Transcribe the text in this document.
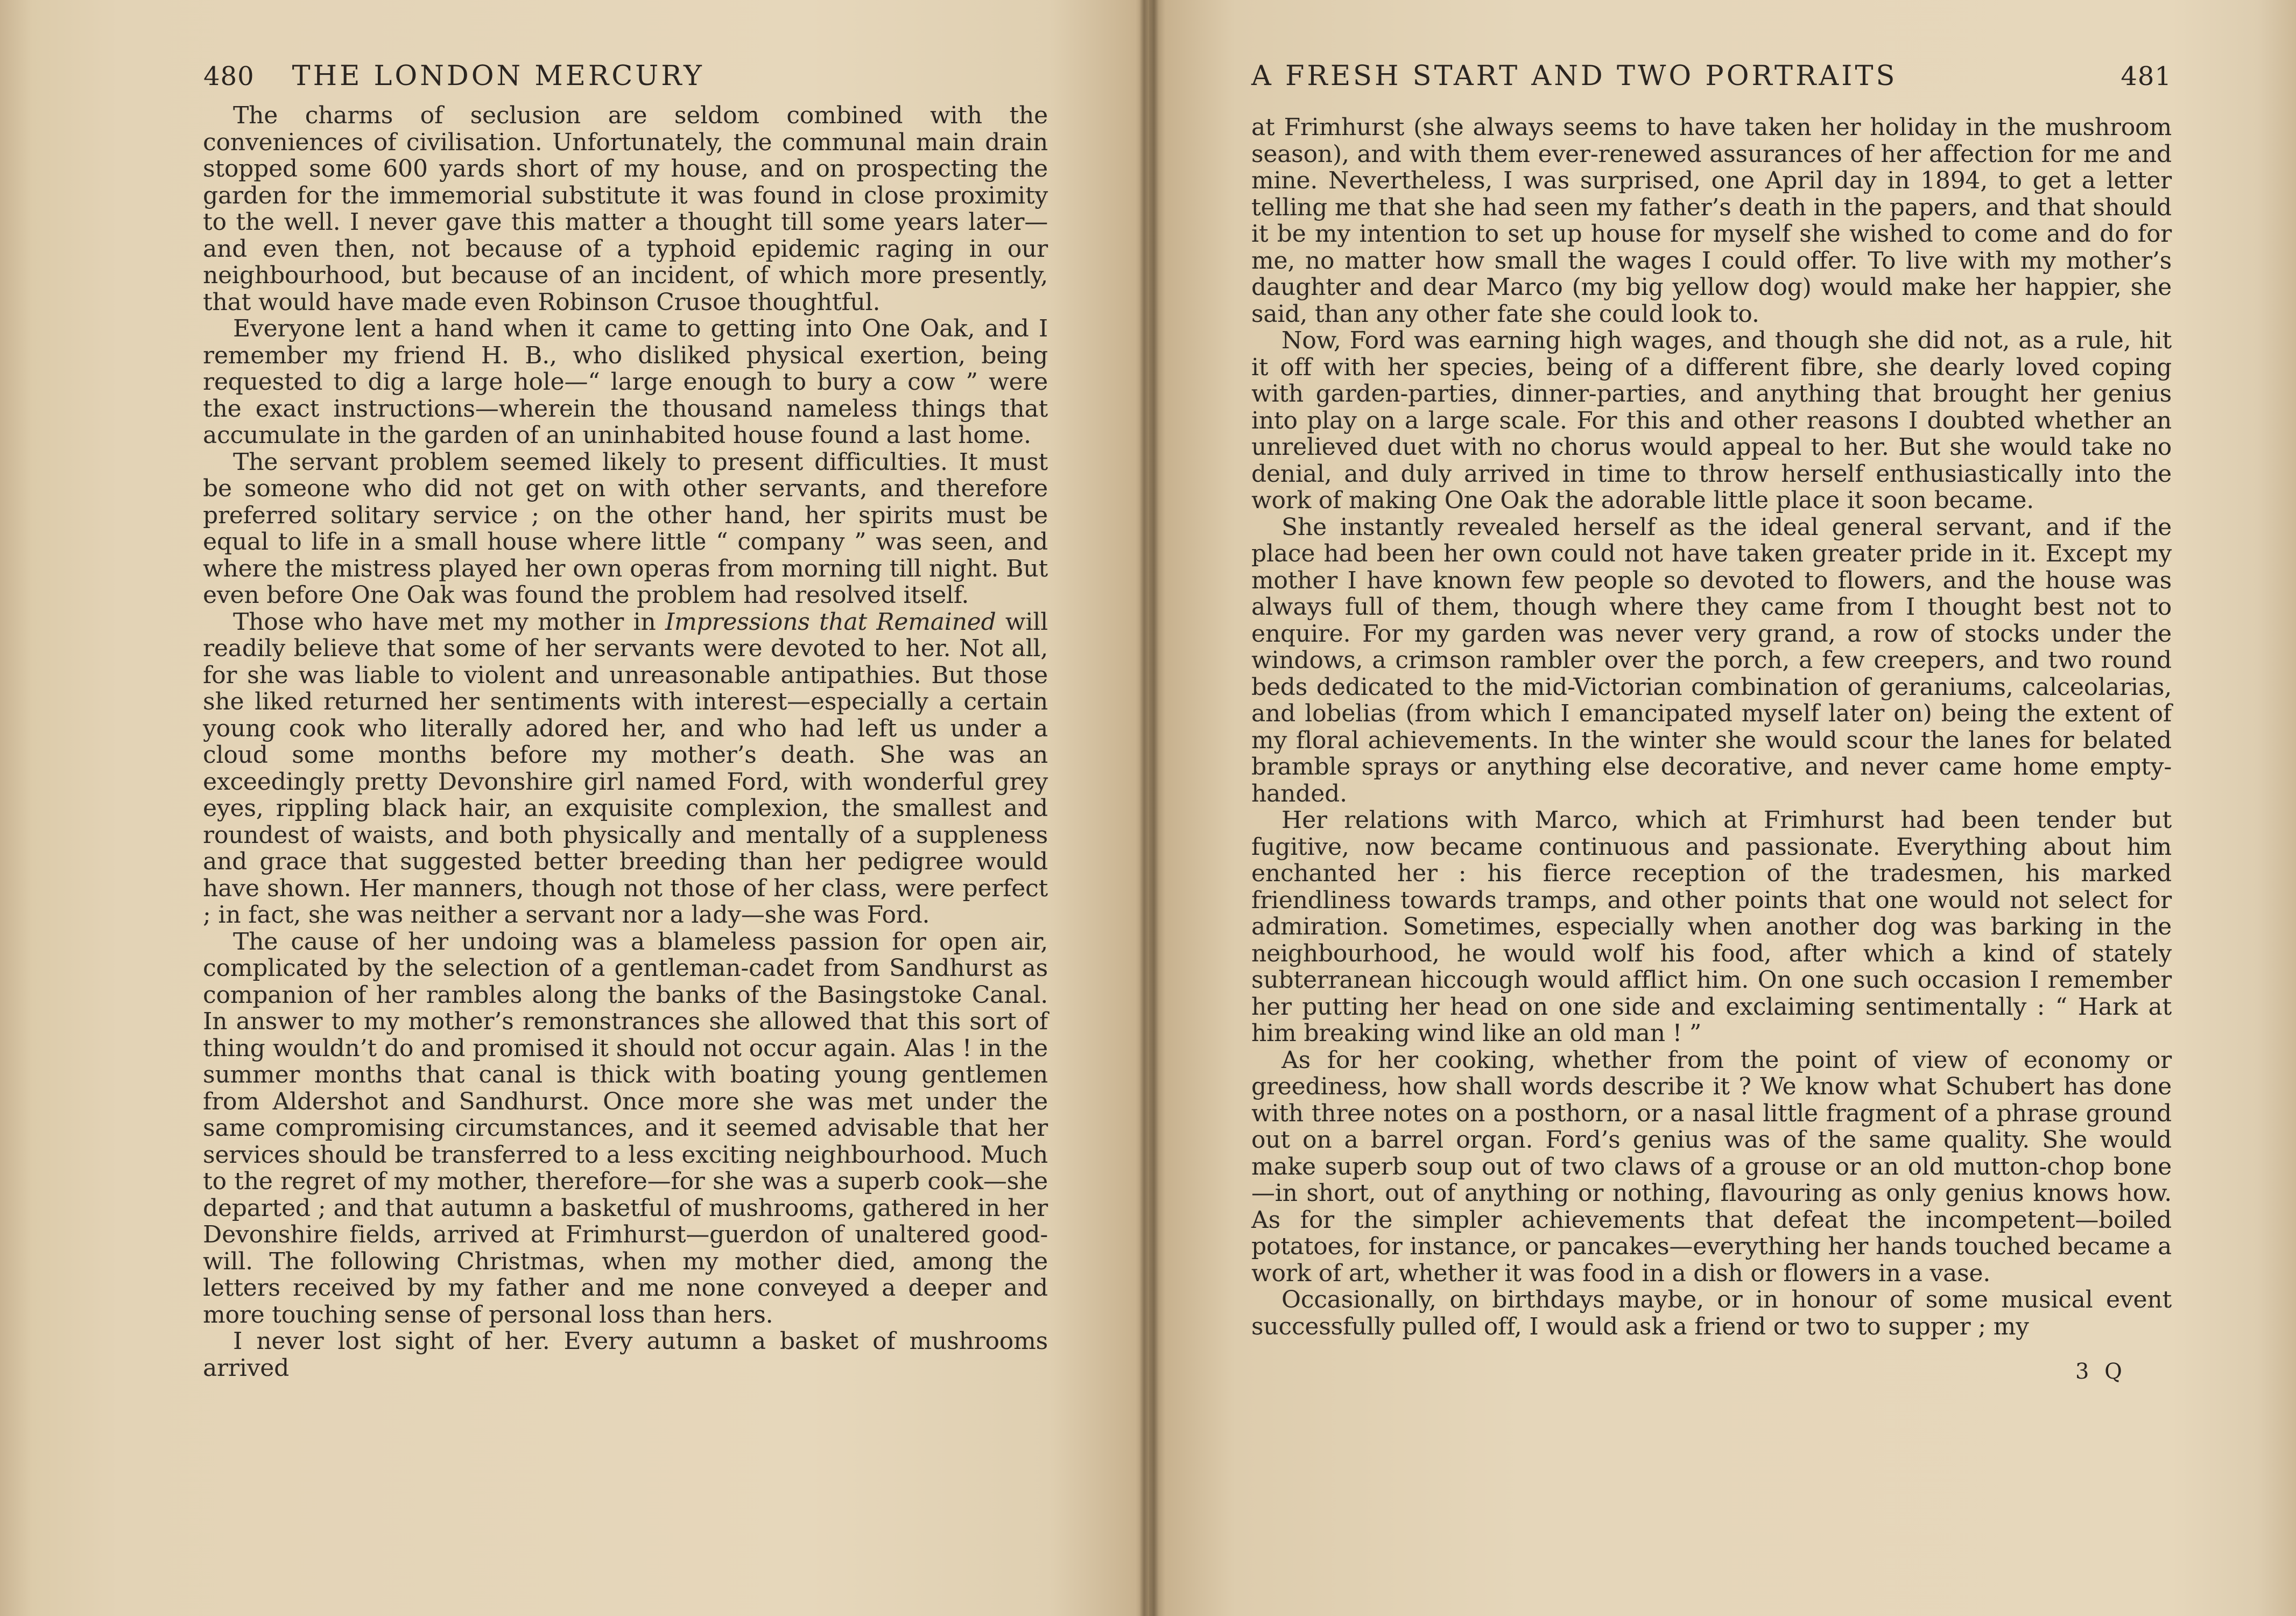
480 THE LONDON MERCURY

The charms of seclusion are seldom combined with the conveniences of civilisation. Unfortunately, the communal main drain stopped some 600 yards short of my house, and on prospecting the garden for the immemorial substitute it was found in close proximity to the well. I never gave this matter a thought till some years later—and even then, not because of a typhoid epidemic raging in our neighbourhood, but because of an incident, of which more presently, that would have made even Robinson Crusoe thoughtful.

Everyone lent a hand when it came to getting into One Oak, and I remember my friend H. B., who disliked physical exertion, being requested to dig a large hole—“ large enough to bury a cow ” were the exact instructions—wherein the thousand nameless things that accumulate in the garden of an uninhabited house found a last home.

The servant problem seemed likely to present difficulties. It must be someone who did not get on with other servants, and therefore preferred solitary service ; on the other hand, her spirits must be equal to life in a small house where little “ company ” was seen, and where the mistress played her own operas from morning till night. But even before One Oak was found the problem had resolved itself.

Those who have met my mother in Impressions that Remained will readily believe that some of her servants were devoted to her. Not all, for she was liable to violent and unreasonable antipathies. But those she liked returned her sentiments with interest—especially a certain young cook who literally adored her, and who had left us under a cloud some months before my mother’s death. She was an exceedingly pretty Devonshire girl named Ford, with wonderful grey eyes, rippling black hair, an exquisite complexion, the smallest and roundest of waists, and both physically and mentally of a suppleness and grace that suggested better breeding than her pedigree would have shown. Her manners, though not those of her class, were perfect ; in fact, she was neither a servant nor a lady—she was Ford.

The cause of her undoing was a blameless passion for open air, complicated by the selection of a gentleman-cadet from Sandhurst as companion of her rambles along the banks of the Basingstoke Canal. In answer to my mother’s remonstrances she allowed that this sort of thing wouldn’t do and promised it should not occur again. Alas ! in the summer months that canal is thick with boating young gentlemen from Aldershot and Sandhurst. Once more she was met under the same compromising circumstances, and it seemed advisable that her services should be transferred to a less exciting neighbourhood. Much to the regret of my mother, therefore—for she was a superb cook—she departed ; and that autumn a basketful of mushrooms, gathered in her Devonshire fields, arrived at Frimhurst—guerdon of unaltered good-will. The following Christmas, when my mother died, among the letters received by my father and me none conveyed a deeper and more touching sense of personal loss than hers.

I never lost sight of her. Every autumn a basket of mushrooms arrived

A FRESH START AND TWO PORTRAITS	481

at Frimhurst (she always seems to have taken her holiday in the mushroom season), and with them ever-renewed assurances of her affection for me and mine. Nevertheless, I was surprised, one April day in 1894, to get a letter telling me that she had seen my father’s death in the papers, and that should it be my intention to set up house for myself she wished to come and do for me, no matter how small the wages I could offer. To live with my mother’s daughter and dear Marco (my big yellow dog) would make her happier, she said, than any other fate she could look to.

Now, Ford was earning high wages, and though she did not, as a rule, hit it off with her species, being of a different fibre, she dearly loved coping with garden-parties, dinner-parties, and anything that brought her genius into play on a large scale. For this and other reasons I doubted whether an unrelieved duet with no chorus would appeal to her. But she would take no denial, and duly arrived in time to throw herself enthusiastically into the work of making One Oak the adorable little place it soon became.

She instantly revealed herself as the ideal general servant, and if the place had been her own could not have taken greater pride in it. Except my mother I have known few people so devoted to flowers, and the house was always full of them, though where they came from I thought best not to enquire. For my garden was never very grand, a row of stocks under the windows, a crimson rambler over the porch, a few creepers, and two round beds dedicated to the mid-Victorian combination of geraniums, calceolarias, and lobelias (from which I emancipated myself later on) being the extent of my floral achievements. In the winter she would scour the lanes for belated bramble sprays or anything else decorative, and never came home empty-handed.

Her relations with Marco, which at Frimhurst had been tender but fugitive, now became continuous and passionate. Everything about him enchanted her : his fierce reception of the tradesmen, his marked friendliness towards tramps, and other points that one would not select for admiration. Sometimes, especially when another dog was barking in the neighbourhood, he would wolf his food, after which a kind of stately subterranean hiccough would afflict him. On one such occasion I remember her putting her head on one side and exclaiming sentimentally : “ Hark at him breaking wind like an old man ! ”

As for her cooking, whether from the point of view of economy or greediness, how shall words describe it ? We know what Schubert has done with three notes on a posthorn, or a nasal little fragment of a phrase ground out on a barrel organ. Ford’s genius was of the same quality. She would make superb soup out of two claws of a grouse or an old mutton-chop bone—in short, out of anything or nothing, flavouring as only genius knows how. As for the simpler achievements that defeat the incompetent—boiled potatoes, for instance, or pancakes—everything her hands touched became a work of art, whether it was food in a dish or flowers in a vase.

Occasionally, on birthdays maybe, or in honour of some musical event successfully pulled off, I would ask a friend or two to supper ; my

3 Q
